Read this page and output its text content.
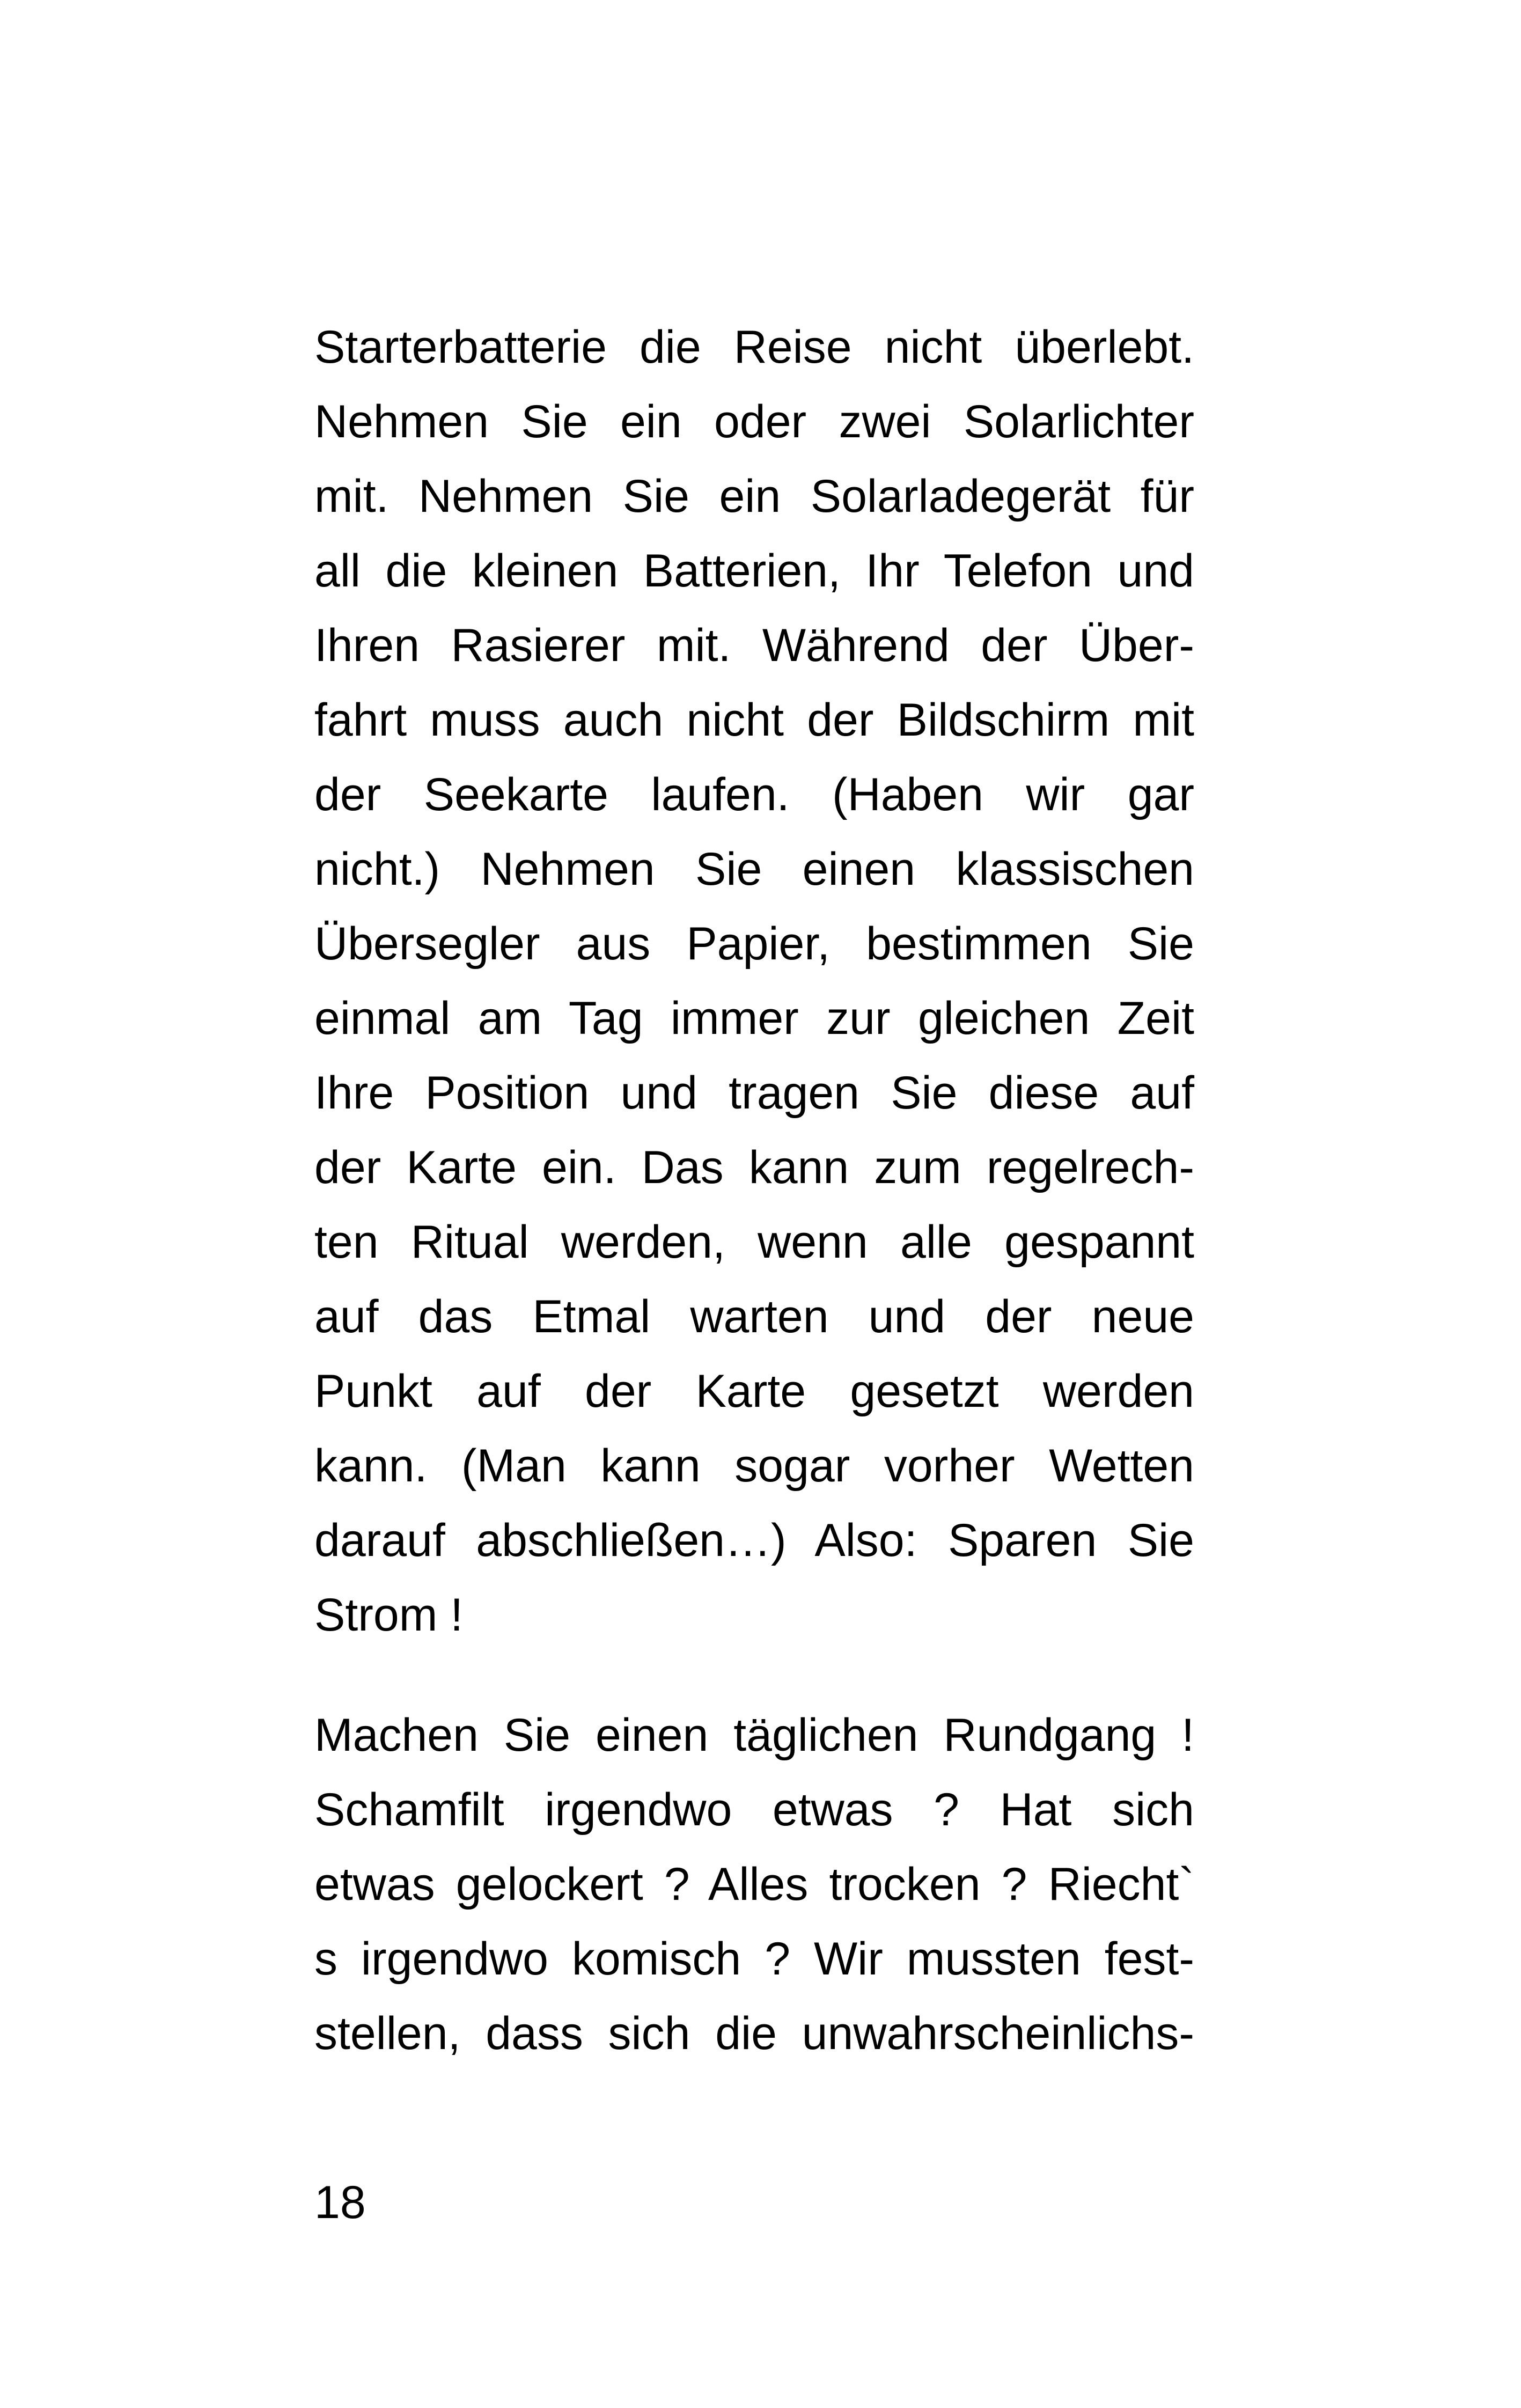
Starterbatterie die Reise nicht überlebt.
Nehmen Sie ein oder zwei Solarlichter
mit. Nehmen Sie ein Solarladegerät für
all die kleinen Batterien, Ihr Telefon und
Ihren Rasierer mit. Während der Über-
fahrt muss auch nicht der Bildschirm mit
der Seekarte laufen. (Haben wir gar
nicht.) Nehmen Sie einen klassischen
Übersegler aus Papier, bestimmen Sie
einmal am Tag immer zur gleichen Zeit
Ihre Position und tragen Sie diese auf
der Karte ein. Das kann zum regelrech-
ten Ritual werden, wenn alle gespannt
auf das Etmal warten und der neue
Punkt auf der Karte gesetzt werden
kann. (Man kann sogar vorher Wetten
darauf abschließen…) Also: Sparen Sie
Strom !
Machen Sie einen täglichen Rundgang !
Schamfilt irgendwo etwas ? Hat sich
etwas gelockert ? Alles trocken ? Riecht`
s irgendwo komisch ? Wir mussten fest-
stellen, dass sich die unwahrscheinlichs-
18
